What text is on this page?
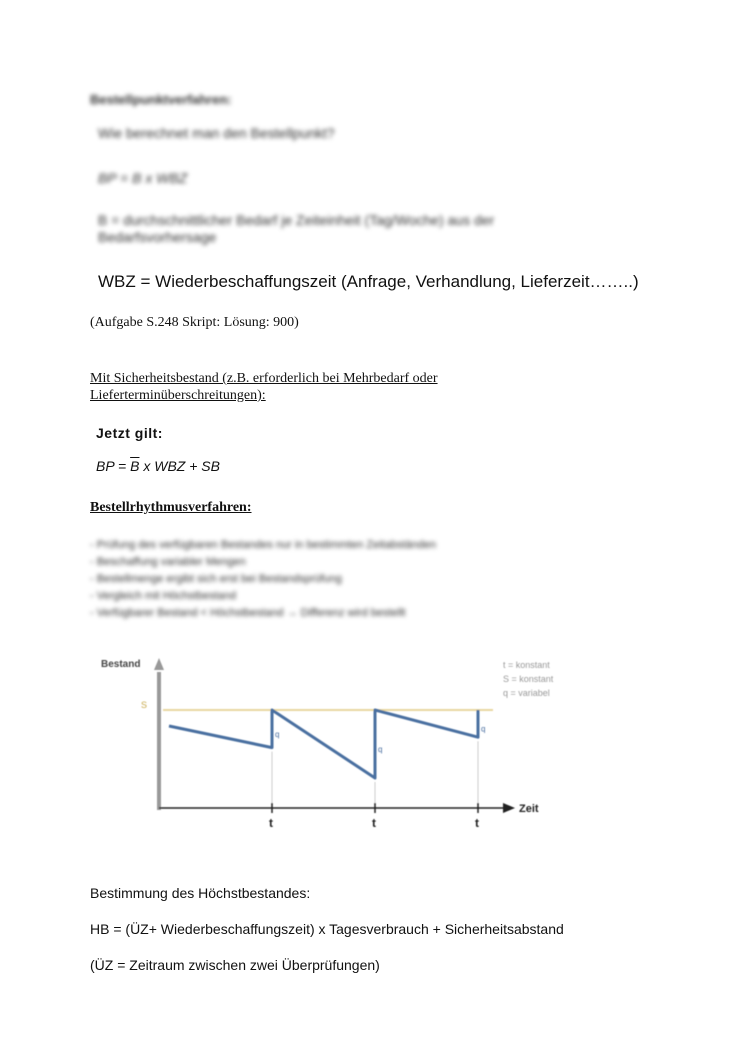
Bestellpunktverfahren:
Wie berechnet man den Bestellpunkt?
BP = B x WBZ
B = durchschnittlicher Bedarf je Zeiteinheit (Tag/Woche) aus der
Bedarfsvorhersage
WBZ = Wiederbeschaffungszeit (Anfrage, Verhandlung, Lieferzeit……..)
(Aufgabe S.248 Skript: Lösung: 900)
Mit Sicherheitsbestand (z.B. erforderlich bei Mehrbedarf oder
Lieferterminüberschreitungen):
Jetzt gilt:
BP = $\overline{B}$ x WBZ + SB
Bestellrhythmusverfahren:
- Prüfung des verfügbaren Bestandes nur in bestimmten Zeitabständen
- Beschaffung variabler Mengen
- Bestellmenge ergibt sich erst bei Bestandsprüfung
- Vergleich mit Höchstbestand
- Verfügbarer Bestand < Höchstbestand → Differenz wird bestellt
Bestand
Zeit
S
t	t	t
q
q
q
t = konstant
S = konstant
q = variabel
Bestimmung des Höchstbestandes:
HB = (ÜZ+ Wiederbeschaffungszeit) x Tagesverbrauch + Sicherheitsabstand
(ÜZ = Zeitraum zwischen zwei Überprüfungen)
